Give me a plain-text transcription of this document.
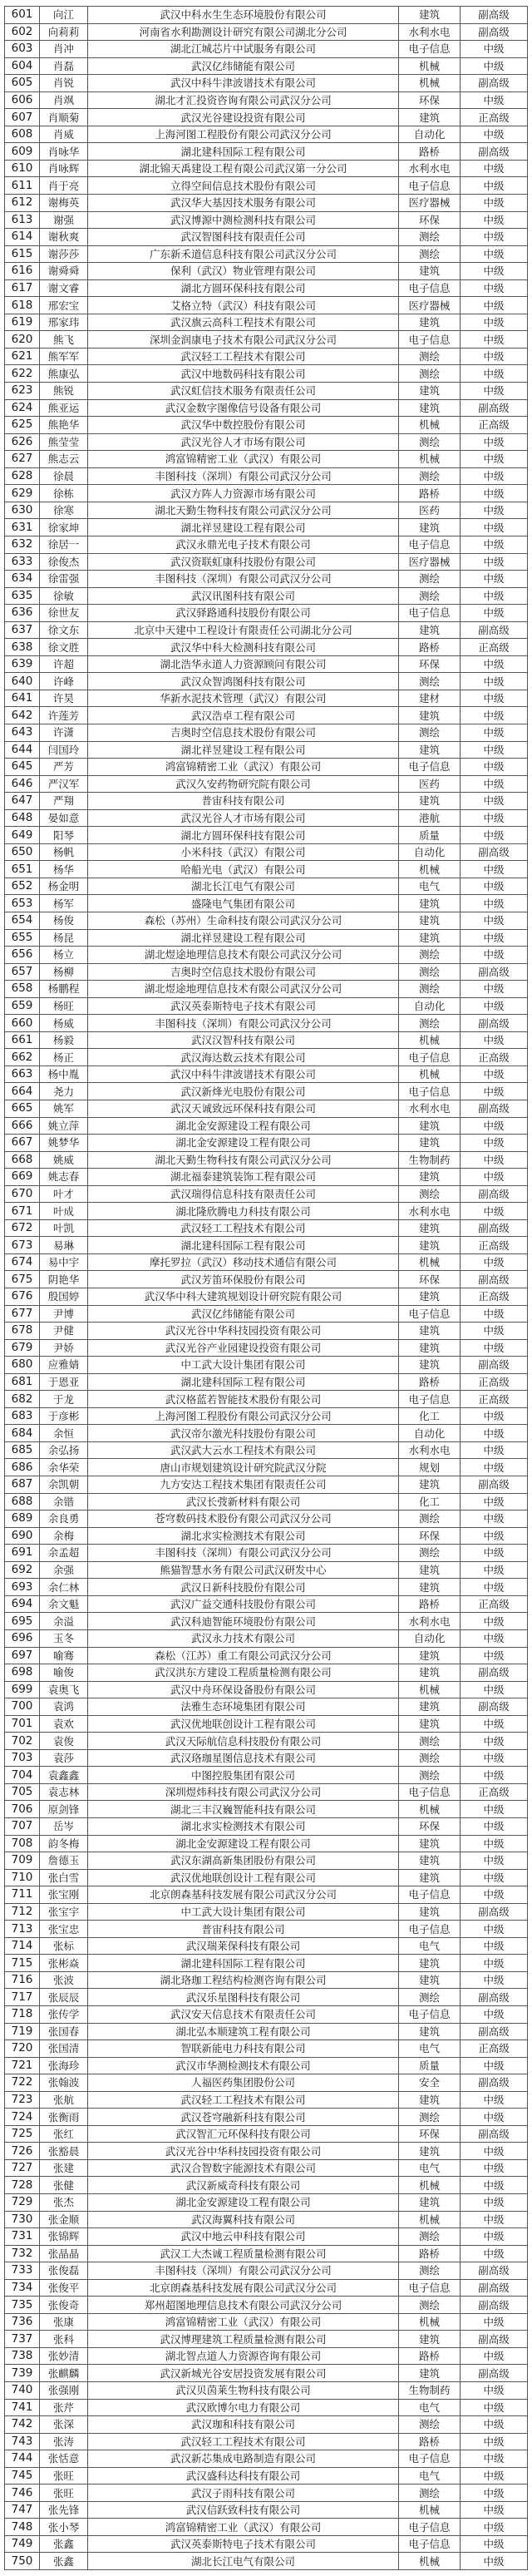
601	向江	武汉中科水生生态环境股份有限公司	建筑	副高级
602	向莉莉	河南省水利勘测设计研究有限公司湖北分公司	水利水电	副高级
603	肖冲	湖北江城芯片中试服务有限公司	电子信息	中级
604	肖磊	武汉亿纬储能有限公司	机械	中级
605	肖锐	武汉中科牛津波谱技术有限公司	机械	副高级
606	肖飒	湖北才汇投资咨询有限公司武汉分公司	环保	中级
607	肖顺菊	武汉光谷建设投资有限公司	建筑	正高级
608	肖威	上海河图工程股份有限公司武汉分公司	自动化	中级
609	肖咏华	湖北建科国际工程有限公司	路桥	副高级
610	肖咏辉	湖北锦天禹建设工程有限公司武汉第一分公司	水利水电	中级
611	肖于亮	立得空间信息技术股份有限公司	电子信息	中级
612	谢梅英	武汉华大基因技术服务有限公司	医疗器械	中级
613	谢强	武汉博源中测检测科技有限公司	环保	中级
614	谢秋爽	武汉智图科技有限责任公司	测绘	中级
615	谢莎莎	广东新禾道信息科技有限公司武汉分公司	测绘	中级
616	谢舜舜	保利（武汉）物业管理有限公司	建筑	中级
617	谢文睿	湖北方圆环保科技有限公司	电子信息	中级
618	邢宏宝	艾格立特（武汉）科技有限公司	医疗器械	中级
619	邢家玮	武汉旗云高科工程技术有限公司	建筑	中级
620	熊飞	深圳金润康电子技术有限公司武汉分公司	电子信息	中级
621	熊军军	武汉轻工工程技术有限公司	测绘	中级
622	熊康弘	武汉中地数码科技有限公司	测绘	中级
623	熊锐	武汉虹信技术服务有限责任公司	建筑	中级
624	熊亚运	武汉金数字图像信号设备有限公司	建筑	副高级
625	熊艳华	武汉华中数控股份有限公司	机械	正高级
626	熊莹莹	武汉光谷人才市场有限公司	测绘	中级
627	熊志云	鸿富锦精密工业（武汉）有限公司	机械	中级
628	徐晨	丰图科技（深圳）有限公司武汉分公司	测绘	中级
629	徐栋	武汉方阵人力资源市场有限公司	路桥	中级
630	徐寒	湖北天勤生物科技有限公司武汉分公司	医药	中级
631	徐家坤	湖北祥昱建设工程有限公司	建筑	中级
632	徐居一	武汉永鼎光电子技术有限公司	电子信息	中级
633	徐俊杰	武汉资联虹康科技股份有限公司	医疗器械	中级
634	徐雷强	丰图科技（深圳）有限公司武汉分公司	测绘	中级
635	徐敏	武汉讯图科技有限公司	测绘	中级
636	徐世友	武汉驿路通科技股份有限公司	电子信息	中级
637	徐文东	北京中天建中工程设计有限责任公司湖北分公司	建筑	副高级
638	徐文胜	武汉华中科大检测科技有限公司	路桥	正高级
639	许超	湖北浩华永道人力资源顾问有限公司	环保	中级
640	许峰	武汉众智鸿图科技有限公司	测绘	中级
641	许昊	华新水泥技术管理（武汉）有限公司	建材	中级
642	许莲芳	武汉浩卓工程有限公司	建筑	中级
643	许潇	吉奥时空信息技术股份有限公司	测绘	中级
644	闫国玲	湖北祥昱建设工程有限公司	建筑	中级
645	严芳	鸿富锦精密工业（武汉）有限公司	电子信息	中级
646	严汉军	武汉久安药物研究院有限公司	医药	中级
647	严翔	普宙科技有限公司	建筑	中级
648	晏如意	武汉光谷人才市场有限公司	港航	中级
649	阳琴	湖北方圆环保科技有限公司	质量	中级
650	杨帆	小米科技（武汉）有限公司	自动化	副高级
651	杨华	哈船光电（武汉）有限公司	机械	中级
652	杨金明	湖北长江电气有限公司	电气	中级
653	杨军	盛隆电气集团有限公司	建筑	中级
654	杨俊	森松（苏州）生命科技有限公司武汉分公司	建筑	中级
655	杨昆	湖北祥昱建设工程有限公司	建筑	中级
656	杨立	湖北煜途地理信息技术有限公司武汉分公司	测绘	中级
657	杨柳	吉奥时空信息技术股份有限公司	测绘	副高级
658	杨鹏程	湖北煜途地理信息技术有限公司武汉分公司	测绘	中级
659	杨旺	武汉英泰斯特电子技术有限公司	自动化	中级
660	杨威	丰图科技（深圳）有限公司武汉分公司	测绘	副高级
661	杨毅	武汉汉智科技有限公司	机械	中级
662	杨正	武汉海达数云技术有限公司	电子信息	正高级
663	杨中胤	武汉中科牛津波谱技术有限公司	机械	中级
664	尧力	武汉新烽光电股份有限公司	电子信息	中级
665	姚军	武汉天诚致远环保科技有限公司	水利水电	副高级
666	姚立萍	湖北金安源建设工程有限公司	建筑	中级
667	姚梦华	湖北金安源建设工程有限公司	建筑	中级
668	姚威	湖北天勤生物科技有限公司武汉分公司	生物制药	中级
669	姚志春	湖北福泰建筑装饰工程有限公司	建筑	中级
670	叶才	武汉瑞得信息科技有限责任公司	测绘	副高级
671	叶成	湖北隆欣腾电力科技有限公司	水利水电	中级
672	叶凯	武汉轻工工程技术有限公司	建筑	副高级
673	易琳	湖北建科国际工程有限公司	建筑	正高级
674	易中宇	摩托罗拉（武汉）移动技术通信有限公司	机械	中级
675	阴艳华	武汉芳笛环保股份有限公司	环保	副高级
676	殷国婷	武汉华中科大建筑规划设计研究院有限公司	建筑	正高级
677	尹博	武汉亿纬储能有限公司	电子信息	中级
678	尹健	武汉光谷中华科技园投资有限公司	建筑	中级
679	尹娇	武汉光谷产业园建设投资有限公司	建筑	中级
680	应雅婧	中工武大设计集团有限公司	建筑	副高级
681	于恩亚	湖北建科国际工程有限公司	路桥	正高级
682	于龙	武汉格蓝若智能技术股份有限公司	电子信息	正高级
683	于彦彬	上海河图工程股份有限公司武汉分公司	化工	中级
684	余恒	武汉帝尔激光科技股份有限公司	自动化	中级
685	余弘扬	武汉武大云水工程技术有限公司	水利水电	中级
686	余华荣	唐山市规划建筑设计研究院武汉分院	规划	中级
687	余凯朝	九方安达工程技术集团有限责任公司	建筑	副高级
688	余锴	武汉长弢新材料有限公司	化工	中级
689	余良勇	苍穹数码技术股份有限公司武汉分公司	测绘	中级
690	余梅	湖北求实检测技术有限公司	环保	中级
691	余孟超	丰图科技（深圳）有限公司武汉分公司	测绘	中级
692	余强	熊猫智慧水务有限公司武汉研发中心	建筑	中级
693	余仁林	武汉日新科技股份有限公司	建筑	中级
694	余文魁	武汉广益交通科技股份有限公司	路桥	正高级
695	余溢	武汉科迪智能环境股份有限公司	水利水电	中级
696	玉冬	武汉永力技术有限公司	自动化	中级
697	喻骞	森松（江苏）重工有限公司武汉分公司	建筑	中级
698	喻俊	武汉洪东方建设工程质量检测有限公司	建筑	副高级
699	袁奥飞	武汉中舟环保设备股份有限公司	机械	中级
700	袁鸿	法雅生态环境集团有限公司	建筑	副高级
701	袁欢	武汉优地联创设计工程有限公司	建筑	中级
702	袁俊	武汉天际航信息科技股份有限公司	测绘	中级
703	袁莎	武汉珞珈星图信息技术有限公司	测绘	中级
704	袁鑫鑫	中图控股集团有限公司	测绘	中级
705	袁志林	深圳煜炜科技有限公司武汉分公司	电子信息	正高级
706	原剑锋	湖北三丰汉巍智能科技有限公司	机械	中级
707	岳岑	湖北求实检测技术有限公司	环保	中级
708	韵冬梅	湖北金安源建设工程有限公司	建筑	中级
709	詹德玉	武汉东湖高新集团股份有限公司	建筑	中级
710	张白雪	武汉优地联创设计工程有限公司	建筑	中级
711	张宝刚	北京朗森基科技发展有限公司武汉分公司	电子信息	中级
712	张宝宇	中工武大设计集团有限公司	建筑	副高级
713	张宝忠	普宙科技有限公司	电子信息	中级
714	张标	武汉瑞莱保科技有限公司	电气	中级
715	张彬焱	湖北建科国际工程有限公司	建筑	中级
716	张波	湖北珞珈工程结构检测咨询有限公司	建筑	中级
717	张辰辰	武汉乐星图科技有限公司	测绘	副高级
718	张传学	武汉安天信息技术有限责任公司	电子信息	中级
719	张国春	湖北弘本顺建筑工程有限公司	建筑	副高级
720	张国清	智联新能电力科技有限公司	电气	正高级
721	张海珍	武汉市华测检测技术有限公司	质量	中级
722	张翰波	人福医药集团股份公司	安全	副高级
723	张航	武汉轻工工程技术有限公司	建筑	中级
724	张衡雨	武汉苍穹融新科技有限公司	测绘	中级
725	张红	武汉智汇元环保科技有限公司	环保	副高级
726	张豁晨	武汉光谷中华科技园投资有限公司	建筑	中级
727	张建	武汉合智数字能源技术有限公司	电气	中级
728	张健	武汉新威奇科技有限公司	机械	中级
729	张杰	湖北金安源建设工程有限公司	建筑	中级
730	张金顺	武汉海翼科技有限公司	机械	中级
731	张锦辉	武汉中地云申科技有限公司	测绘	中级
732	张晶晶	武汉工大杰诚工程质量检测有限公司	路桥	中级
733	张俊磊	丰图科技（深圳）有限公司武汉分公司	测绘	副高级
734	张俊平	北京朗森基科技发展有限公司武汉分公司	电子信息	副高级
735	张俊奇	郑州超图地理信息技术有限公司武汉分公司	测绘	副高级
736	张康	鸿富锦精密工业（武汉）有限公司	机械	中级
737	张科	武汉博理建筑工程质量检测有限公司	建筑	副高级
738	张妙清	湖北智点道人力资源咨询有限公司	路桥	中级
739	张麒麟	武汉新城光谷安居投资发展有限公司	建筑	副高级
740	张强刚	武汉贝茵莱生物科技有限公司	生物制药	中级
741	张芹	武汉欧博尔电力有限公司	电气	中级
742	张深	武汉珈和科技有限公司	测绘	中级
743	张涛	武汉轻工工程技术有限公司	路桥	中级
744	张恬意	武汉新芯集成电路制造有限公司	电子信息	中级
745	张旺	武汉盛科达科技有限公司	电气	中级
746	张旺	武汉子雨科技有限公司	测绘	中级
747	张先锋	武汉信跃致科技有限公司	机械	中级
748	张小琴	鸿富锦精密工业（武汉）有限公司	电子信息	中级
749	张鑫	武汉英泰斯特电子技术有限公司	电子信息	中级
750	张鑫	湖北长江电气有限公司	机械	中级
